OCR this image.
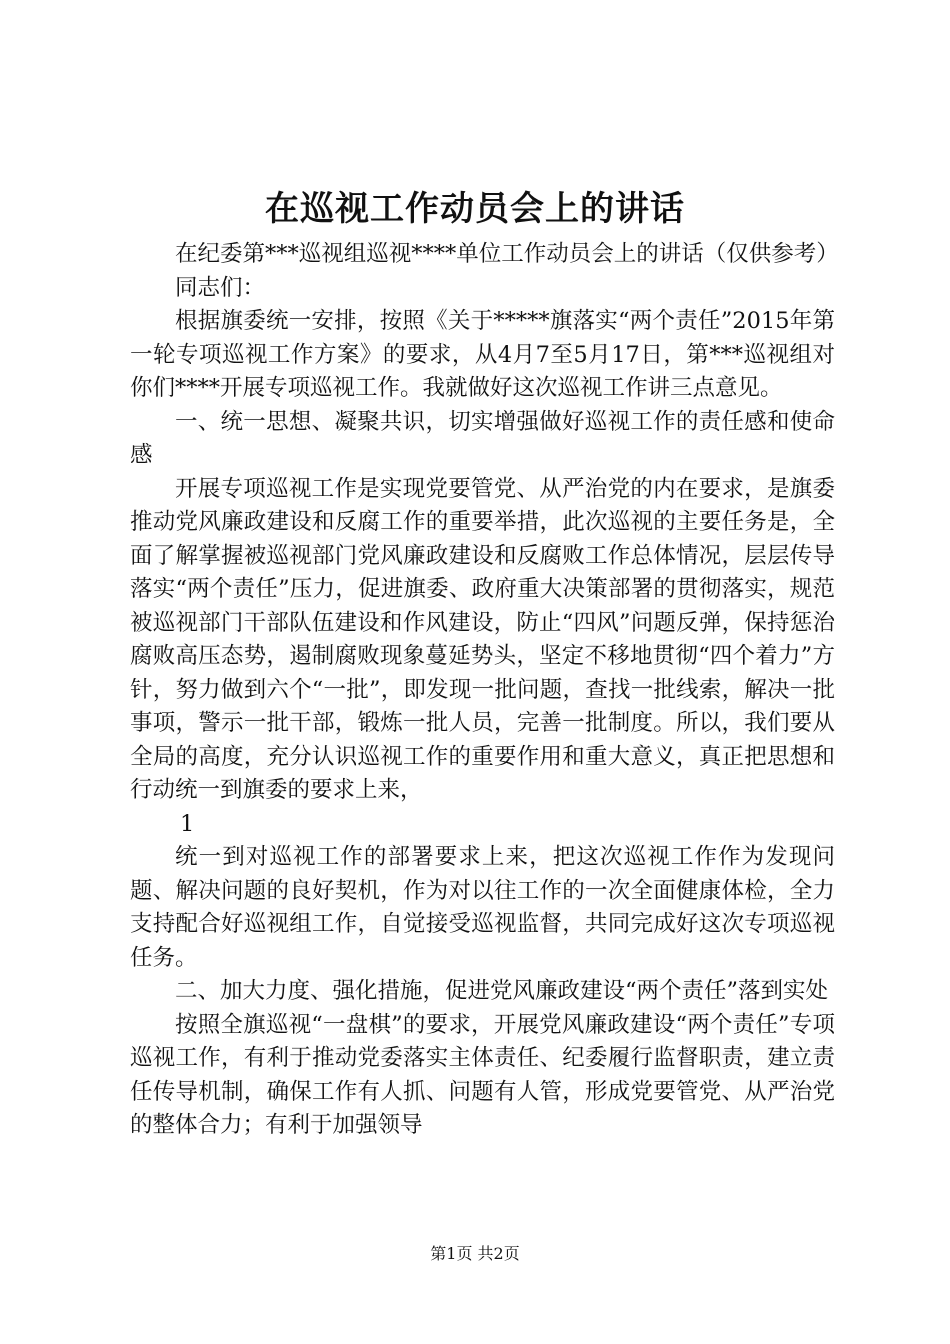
在巡视工作动员会上的讲话

在纪委第***巡视组巡视****单位工作动员会上的讲话（仅供参考）

同志们：

根据旗委统一安排，按照《关于*****旗落实“两个责任”2015年第一轮专项巡视工作方案》的要求，从4月7至5月17日，第***巡视组对你们****开展专项巡视工作。我就做好这次巡视工作讲三点意见。

一、统一思想、凝聚共识，切实增强做好巡视工作的责任感和使命感

开展专项巡视工作是实现党要管党、从严治党的内在要求，是旗委推动党风廉政建设和反腐工作的重要举措，此次巡视的主要任务是，全面了解掌握被巡视部门党风廉政建设和反腐败工作总体情况，层层传导落实“两个责任”压力，促进旗委、政府重大决策部署的贯彻落实，规范被巡视部门干部队伍建设和作风建设，防止“四风”问题反弹，保持惩治腐败高压态势，遏制腐败现象蔓延势头，坚定不移地贯彻“四个着力”方针，努力做到六个“一批”，即发现一批问题，查找一批线索，解决一批事项，警示一批干部，锻炼一批人员，完善一批制度。所以，我们要从全局的高度，充分认识巡视工作的重要作用和重大意义，真正把思想和行动统一到旗委的要求上来，

1

统一到对巡视工作的部署要求上来，把这次巡视工作作为发现问题、解决问题的良好契机，作为对以往工作的一次全面健康体检，全力支持配合好巡视组工作，自觉接受巡视监督，共同完成好这次专项巡视任务。

二、加大力度、强化措施，促进党风廉政建设“两个责任”落到实处

按照全旗巡视“一盘棋”的要求，开展党风廉政建设“两个责任”专项巡视工作，有利于推动党委落实主体责任、纪委履行监督职责，建立责任传导机制，确保工作有人抓、问题有人管，形成党要管党、从严治党的整体合力；有利于加强领导

第1页 共2页
